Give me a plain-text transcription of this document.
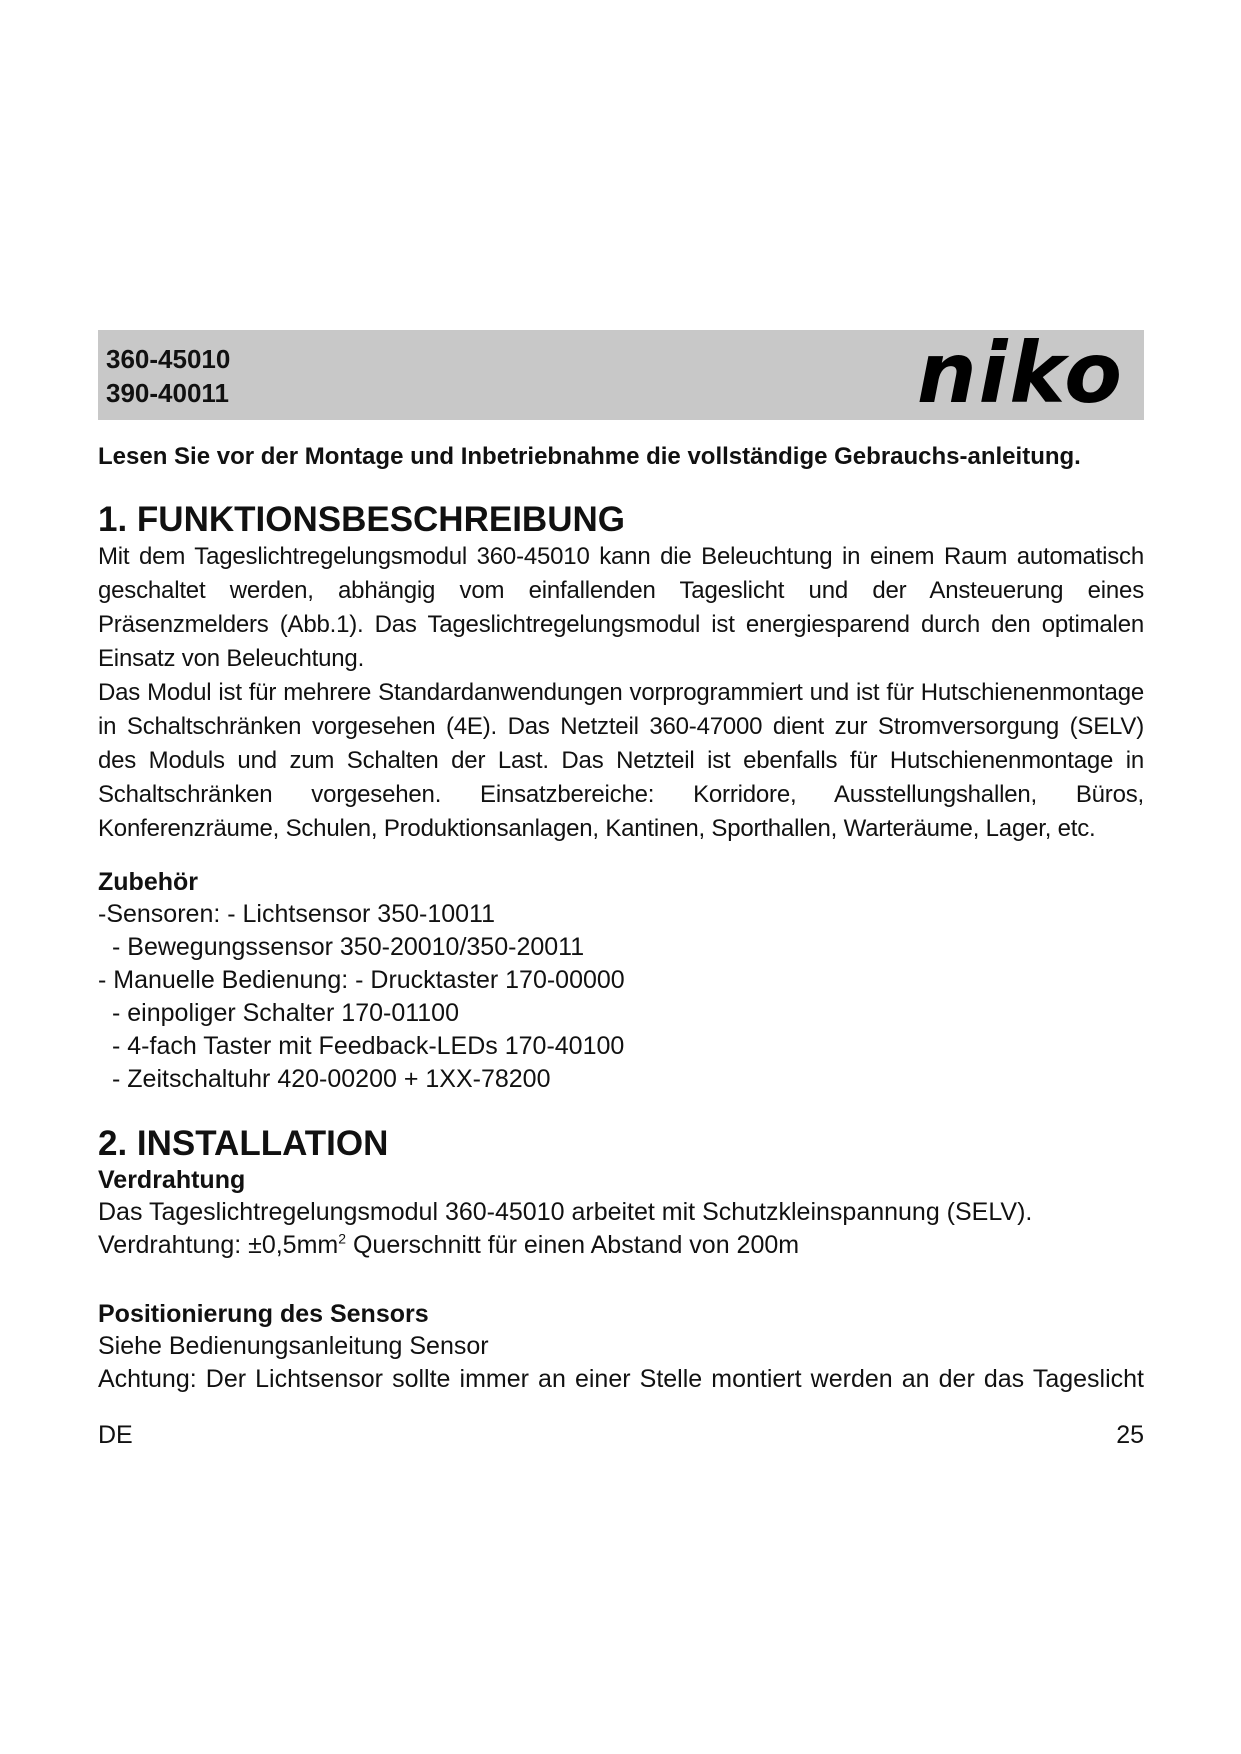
360-45010
390-40011	niko
Lesen Sie vor der Montage und Inbetriebnahme die vollständige Gebrauchs-anleitung.
1. FUNKTIONSBESCHREIBUNG

Mit dem Tageslichtregelungsmodul 360-45010 kann die Beleuchtung in einem Raum automatisch geschaltet werden, abhängig vom einfallenden Tageslicht und der Ansteuerung eines Präsenzmelders (Abb.1). Das Tageslichtregelungsmodul ist energiesparend durch den optimalen Einsatz von Beleuchtung.

Das Modul ist für mehrere Standardanwendungen vorprogrammiert und ist für Hutschienenmontage in Schaltschränken vorgesehen (4E). Das Netzteil 360-47000 dient zur Stromversorgung (SELV) des Moduls und zum Schalten der Last. Das Netzteil ist ebenfalls für Hutschienenmontage in Schaltschränken vorgesehen. Einsatzbereiche: Korridore, Ausstellungshallen, Büros, Konferenzräume, Schulen, Produktionsanlagen, Kantinen, Sporthallen, Warteräume, Lager, etc.

Zubehör
-Sensoren: - Lichtsensor 350-10011
- Bewegungssensor 350-20010/350-20011
- Manuelle Bedienung: - Drucktaster 170-00000
- einpoliger Schalter 170-01100
- 4-fach Taster mit Feedback-LEDs 170-40100
- Zeitschaltuhr 420-00200 + 1XX-78200
2. INSTALLATION
Verdrahtung
Das Tageslichtregelungsmodul 360-45010 arbeitet mit Schutzkleinspannung (SELV).
Verdrahtung: $\pm 0,5mm^2$ Querschnitt für einen Abstand von 200m
Positionierung des Sensors
Siehe Bedienungsanleitung Sensor
Achtung: Der Lichtsensor sollte immer an einer Stelle montiert werden an der das Tageslicht
DE	25
